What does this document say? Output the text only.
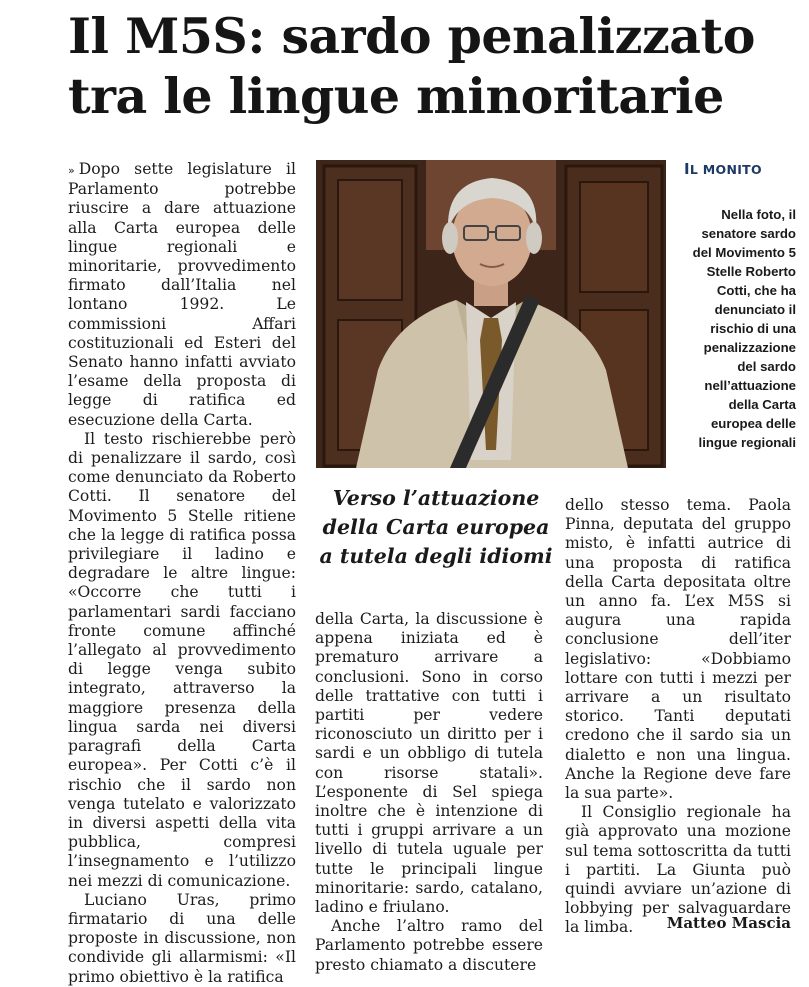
Il M5S: sardo penalizzato
tra le lingue minoritarie

» Dopo sette legislature il Parlamento potrebbe riuscire a dare attuazione alla Carta europea delle lingue regionali e minoritarie, provvedimento firmato dall’Italia nel lontano 1992. Le commissioni Affari costituzionali ed Esteri del Senato hanno infatti avviato l’esame della proposta di legge di ratifica ed esecuzione della Carta.

Il testo rischierebbe però di penalizzare il sardo, così come denunciato da Roberto Cotti. Il senatore del Movimento 5 Stelle ritiene che la legge di ratifica possa privilegiare il ladino e degradare le altre lingue: «Occorre che tutti i parlamentari sardi facciano fronte comune affinché l’allegato al provvedimento di legge venga subito integrato, attraverso la maggiore presenza della lingua sarda nei diversi paragrafi della Carta europea». Per Cotti c’è il rischio che il sardo non venga tutelato e valorizzato in diversi aspetti della vita pubblica, compresi l’insegnamento e l’utilizzo nei mezzi di comunicazione.

Luciano Uras, primo firmatario di una delle proposte in discussione, non condivide gli allarmismi: «Il primo obiettivo è la ratifica

IL MONITO
Nella foto, il senatore sardo del Movimento 5 Stelle Roberto Cotti, che ha denunciato il rischio di una penalizzazione del sardo nell’attuazione della Carta europea delle lingue regionali
Verso l’attuazione della Carta europea a tutela degli idiomi

della Carta, la discussione è appena iniziata ed è prematuro arrivare a conclusioni. Sono in corso delle trattative con tutti i partiti per vedere riconosciuto un diritto per i sardi e un obbligo di tutela con risorse statali». L’esponente di Sel spiega inoltre che è intenzione di tutti i gruppi arrivare a un livello di tutela uguale per tutte le principali lingue minoritarie: sardo, catalano, ladino e friulano.

Anche l’altro ramo del Parlamento potrebbe essere presto chiamato a discutere

dello stesso tema. Paola Pinna, deputata del gruppo misto, è infatti autrice di una proposta di ratifica della Carta depositata oltre un anno fa. L’ex M5S si augura una rapida conclusione dell’iter legislativo: «Dobbiamo lottare con tutti i mezzi per arrivare a un risultato storico. Tanti deputati credono che il sardo sia un dialetto e non una lingua. Anche la Regione deve fare la sua parte».

Il Consiglio regionale ha già approvato una mozione sul tema sottoscritta da tutti i partiti. La Giunta può quindi avviare un’azione di lobbying per salvaguardare la limba.	Matteo Mascia
